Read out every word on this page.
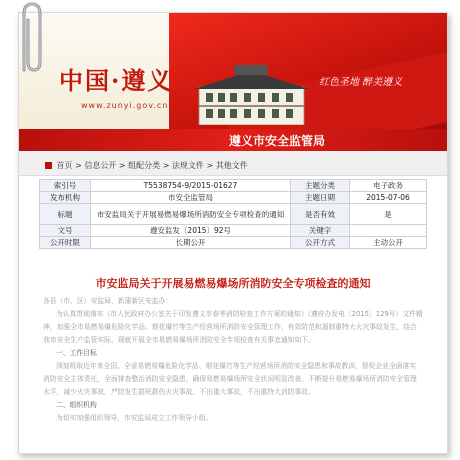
中国·遵义
www.zunyi.gov.cn
红色圣地 醉美遵义
遵义市安全监管局
首页 > 信息公开 > 组配分类 > 法规文件 > 其他文件
索引号	T5538754-9/2015-01627	主题分类	电子政务
发布机构	市安全监管局	主题日期	2015-07-06
标题	市安监局关于开展易燃易爆场所消防安全专项检查的通知	是否有效	是
文号	遵安监发〔2015〕92号	关键字	
公开时限	长期公开	公开方式	主动公开
市安监局关于开展易燃易爆场所消防安全专项检查的通知

各县（市、区）安监局、新蒲新区安监办：

为认真贯彻落实《市人民政府办公室关于印发遵义市春季消防检查工作方案的通知》（遵府办发电〔2015〕129号）文件精神，加强全市易燃易爆危险化学品、烟花爆竹等生产经营场所消防安全管理工作，有效防范和遏制重特大火灾事故发生，结合我市安全生产监管实际，现就开展全市易燃易爆场所消防安全专项检查有关事宜通知如下。

一、工作目标

深刻吸取近年来全国、全省易燃易爆危险化学品、烟花爆竹等生产经营场所消防安全隐患和事故教训，督促企业全面落实消防安全主体责任，全面排查整治消防安全隐患，确保易燃易爆场所安全状况明显改善。不断提升易燃易爆场所消防安全管理水平，减少火灾事故，严防发生群死群伤火灾事故。不出重大事故，不出重特大消防事故。

二、组织机构

为切实加强组织领导，市安监局成立工作领导小组。
